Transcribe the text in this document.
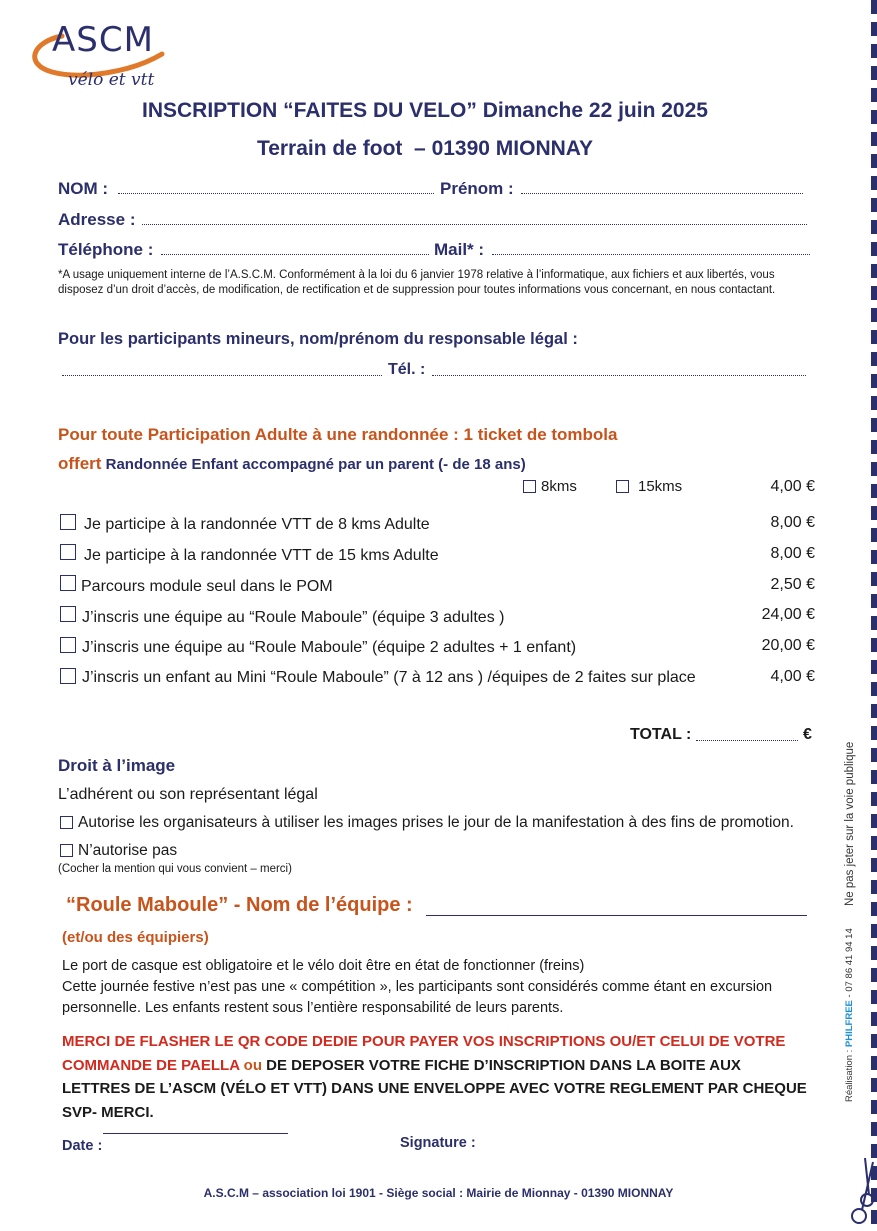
ASCM
vélo et vtt
INSCRIPTION “FAITES DU VELO” Dimanche 22 juin 2025
Terrain de foot  – 01390 MIONNAY
NOM :	Prénom :
Adresse :
Téléphone :	Mail* :
*A usage uniquement interne de l’A.S.C.M. Conformément à la loi du 6 janvier 1978 relative à l’informatique, aux fichiers et aux libertés, vous disposez d’un droit d’accès, de modification, de rectification et de suppression pour toutes informations vous concernant, en nous contactant.
Pour les participants mineurs, nom/prénom du responsable légal :
Tél. :
Pour toute Participation Adulte à une randonnée : 1 ticket de tombola
offert Randonnée Enfant accompagné par un parent (- de 18 ans)
8kms	15kms	4,00 €
Je participe à la randonnée VTT de 8 kms Adulte	8,00 €
Je participe à la randonnée VTT de 15 kms Adulte	8,00 €
Parcours module seul dans le POM	2,50 €
J’inscris une équipe au “Roule Maboule” (équipe 3 adultes )	24,00 €
J’inscris une équipe au “Roule Maboule” (équipe 2 adultes + 1 enfant)	20,00 €
J’inscris un enfant au Mini “Roule Maboule” (7 à 12 ans ) /équipes de 2 faites sur place	4,00 €
TOTAL :	€
Droit à l’image
L’adhérent ou son représentant légal
Autorise les organisateurs à utiliser les images prises le jour de la manifestation à des fins de promotion.
N’autorise pas
(Cocher la mention qui vous convient – merci)
“Roule Maboule” - Nom de l’équipe :
(et/ou des équipiers)
Le port de casque est obligatoire et le vélo doit être en état de fonctionner (freins)
Cette journée festive n’est pas une « compétition », les participants sont considérés comme étant en excursion personnelle. Les enfants restent sous l’entière responsabilité de leurs parents.
MERCI DE FLASHER LE QR CODE DEDIE POUR PAYER VOS INSCRIPTIONS OU/ET CELUI DE VOTRE COMMANDE DE PAELLA ou DE DEPOSER VOTRE FICHE D’INSCRIPTION DANS LA BOITE AUX LETTRES DE L’ASCM (VÉLO ET VTT) DANS UNE ENVELOPPE AVEC VOTRE REGLEMENT PAR CHEQUE SVP- MERCI.
Date :	Signature :
A.S.C.M – association loi 1901 - Siège social : Mairie de Mionnay - 01390 MIONNAY
Ne pas jeter sur la voie publique
Réalisation : PHILFREE - 07 86 41 94 14
